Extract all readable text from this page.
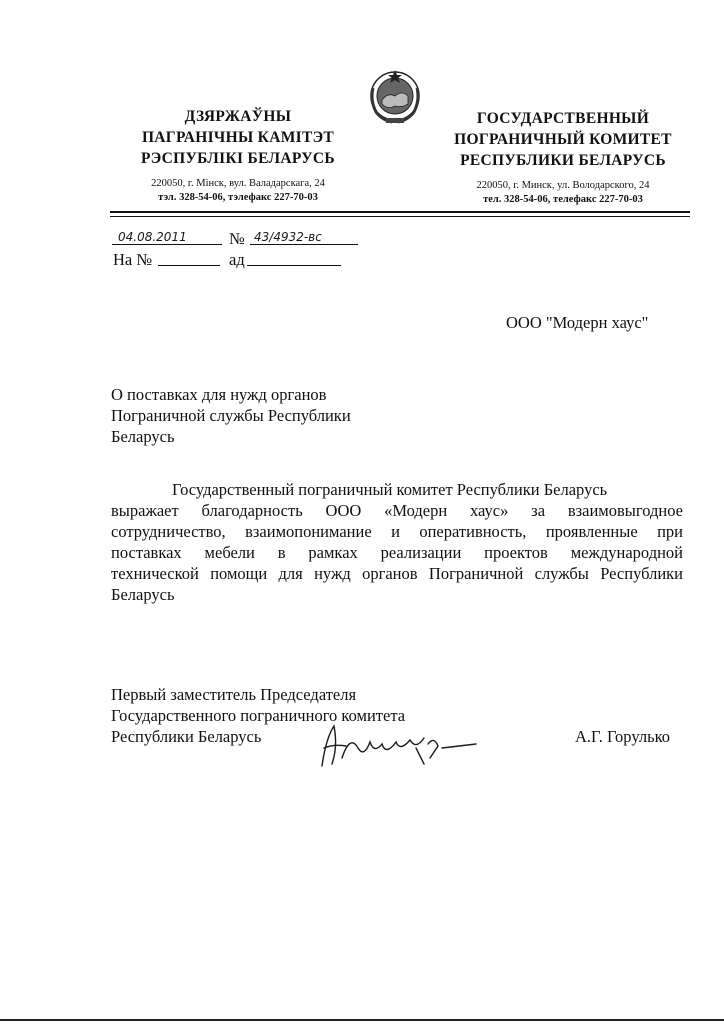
ДЗЯРЖАЎНЫ
ПАГРАНІЧНЫ КАМІТЭТ
РЭСПУБЛІКІ БЕЛАРУСЬ
220050, г. Мінск, вул. Валадарскага, 24
тэл. 328-54-06, тэлефакс 227-70-03
ГОСУДАРСТВЕННЫЙ
ПОГРАНИЧНЫЙ КОМИТЕТ
РЕСПУБЛИКИ БЕЛАРУСЬ
220050, г. Минск, ул. Володарского, 24
тел. 328-54-06, телефакс 227-70-03
04.08.2011	№ 43/4932-вс
На №	ад
ООО "Модерн хаус"
О поставках для нужд органов
Пограничной службы Республики
Беларусь

Государственный пограничный комитет Республики Беларусь

выражает благодарность ООО «Модерн хаус» за взаимовыгодное

сотрудничество, взаимопонимание и оперативность, проявленные при

поставках мебели в рамках реализации проектов международной

технической помощи для нужд органов Пограничной службы Республики

Беларусь

Первый заместитель Председателя
Государственного пограничного комитета
Республики Беларусь	А.Г. Горулько
